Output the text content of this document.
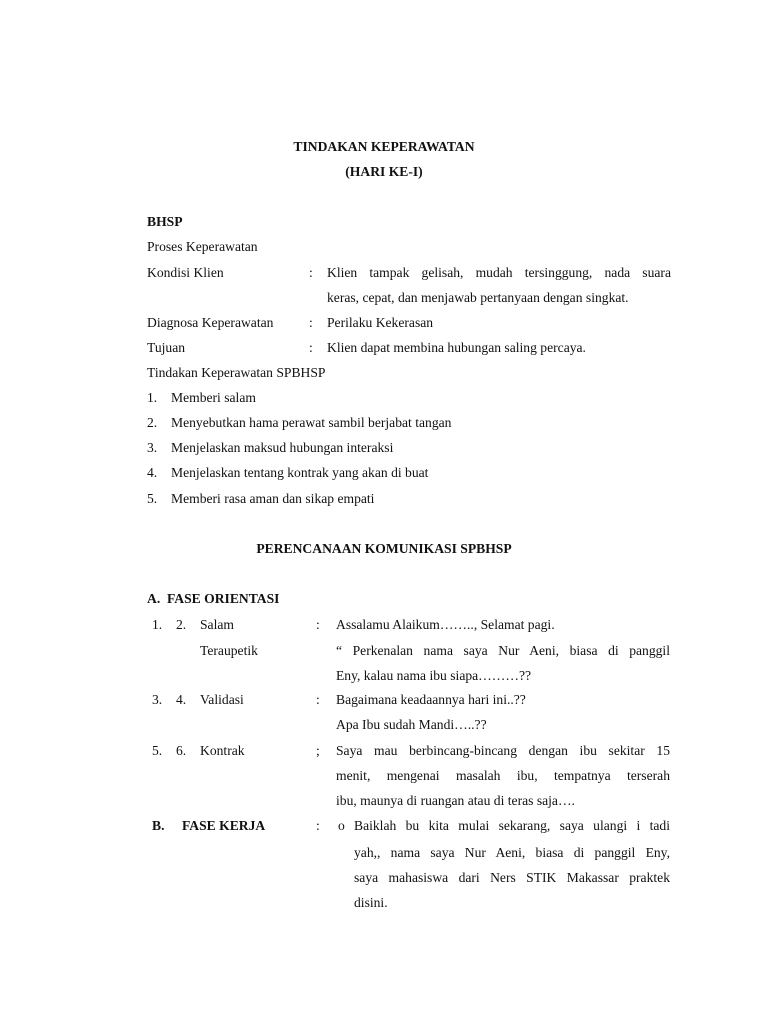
TINDAKAN KEPERAWATAN
(HARI KE-I)
BHSP
Proses Keperawatan
Kondisi Klien	: Klien tampak gelisah, mudah tersinggung, nada suara
keras, cepat, dan menjawab pertanyaan dengan singkat.
Diagnosa Keperawatan	: Perilaku Kekerasan
Tujuan	: Klien dapat membina hubungan saling percaya.
Tindakan Keperawatan SPBHSP
1. Memberi salam
2. Menyebutkan hama perawat sambil berjabat tangan
3. Menjelaskan maksud hubungan interaksi
4. Menjelaskan tentang kontrak yang akan di buat
5. Memberi rasa aman dan sikap empati
PERENCANAAN KOMUNIKASI SPBHSP
A.  FASE ORIENTASI
1. 2. Salam	: Assalamu Alaikum…….., Selamat pagi.
Teraupetik	“ Perkenalan nama saya Nur Aeni, biasa di panggil
Eny, kalau nama ibu siapa………??
3. 4. Validasi	: Bagaimana keadaannya hari ini..??
Apa Ibu sudah Mandi…..??
5. 6. Kontrak	; Saya mau berbincang-bincang dengan ibu sekitar 15
menit, mengenai masalah ibu, tempatnya terserah
ibu, maunya di ruangan atau di teras saja….
B. FASE KERJA	: o Baiklah bu kita mulai sekarang, saya ulangi i tadi
yah,, nama saya Nur Aeni, biasa di panggil Eny,
saya mahasiswa dari Ners STIK Makassar praktek
disini.
